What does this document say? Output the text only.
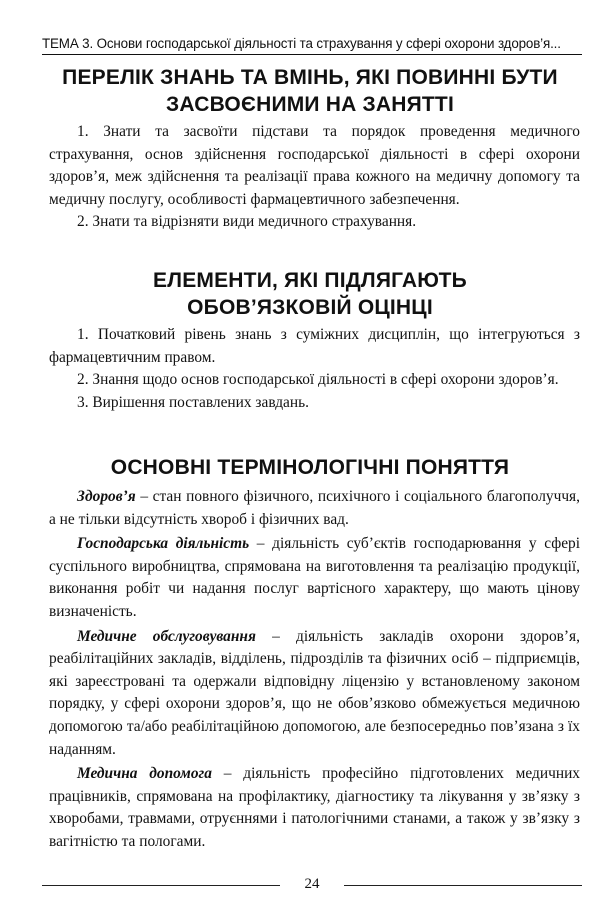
ТЕМА 3. Основи господарської діяльності та страхування у сфері охорони здоров’я...
ПЕРЕЛІК ЗНАНЬ ТА ВМІНЬ, ЯКІ ПОВИННІ БУТИ
ЗАСВОЄНИМИ НА ЗАНЯТТІ

1. Знати та засвоїти підстави та порядок проведення медичного страхування, основ здійснення господарської діяльності в сфері охорони здоров’я, меж здійснення та реалізації права кожного на медичну допомогу та медичну послугу, особливості фармацевтичного забезпечення.

2. Знати та відрізняти види медичного страхування.

ЕЛЕМЕНТИ, ЯКІ ПІДЛЯГАЮТЬ
ОБОВ’ЯЗКОВІЙ ОЦІНЦІ

1. Початковий рівень знань з суміжних дисциплін, що інтегруються з фармацевтичним правом.

2. Знання щодо основ господарської діяльності в сфері охорони здоров’я.

3. Вирішення поставлених завдань.

ОСНОВНІ ТЕРМІНОЛОГІЧНІ ПОНЯТТЯ

Здоров’я – стан повного фізичного, психічного і соціального благополуччя, а не тільки відсутність хвороб і фізичних вад.

Господарська діяльність – діяльність суб’єктів господарювання у сфері суспільного виробництва, спрямована на виготовлення та реалізацію продукції, виконання робіт чи надання послуг вартісного характеру, що мають цінову визначеність.

Медичне обслуговування – діяльність закладів охорони здоров’я, реабілітаційних закладів, відділень, підрозділів та фізичних осіб – підприємців, які зареєстровані та одержали відповідну ліцензію у встановленому законом порядку, у сфері охорони здоров’я, що не обов’язково обмежується медичною допомогою та/або реабілітаційною допомогою, але безпосередньо пов’язана з їх наданням.

Медична допомога – діяльність професійно підготовлених медичних працівників, спрямована на профілактику, діагностику та лікування у зв’язку з хворобами, травмами, отруєннями і патологічними станами, а також у зв’язку з вагітністю та пологами.

24
